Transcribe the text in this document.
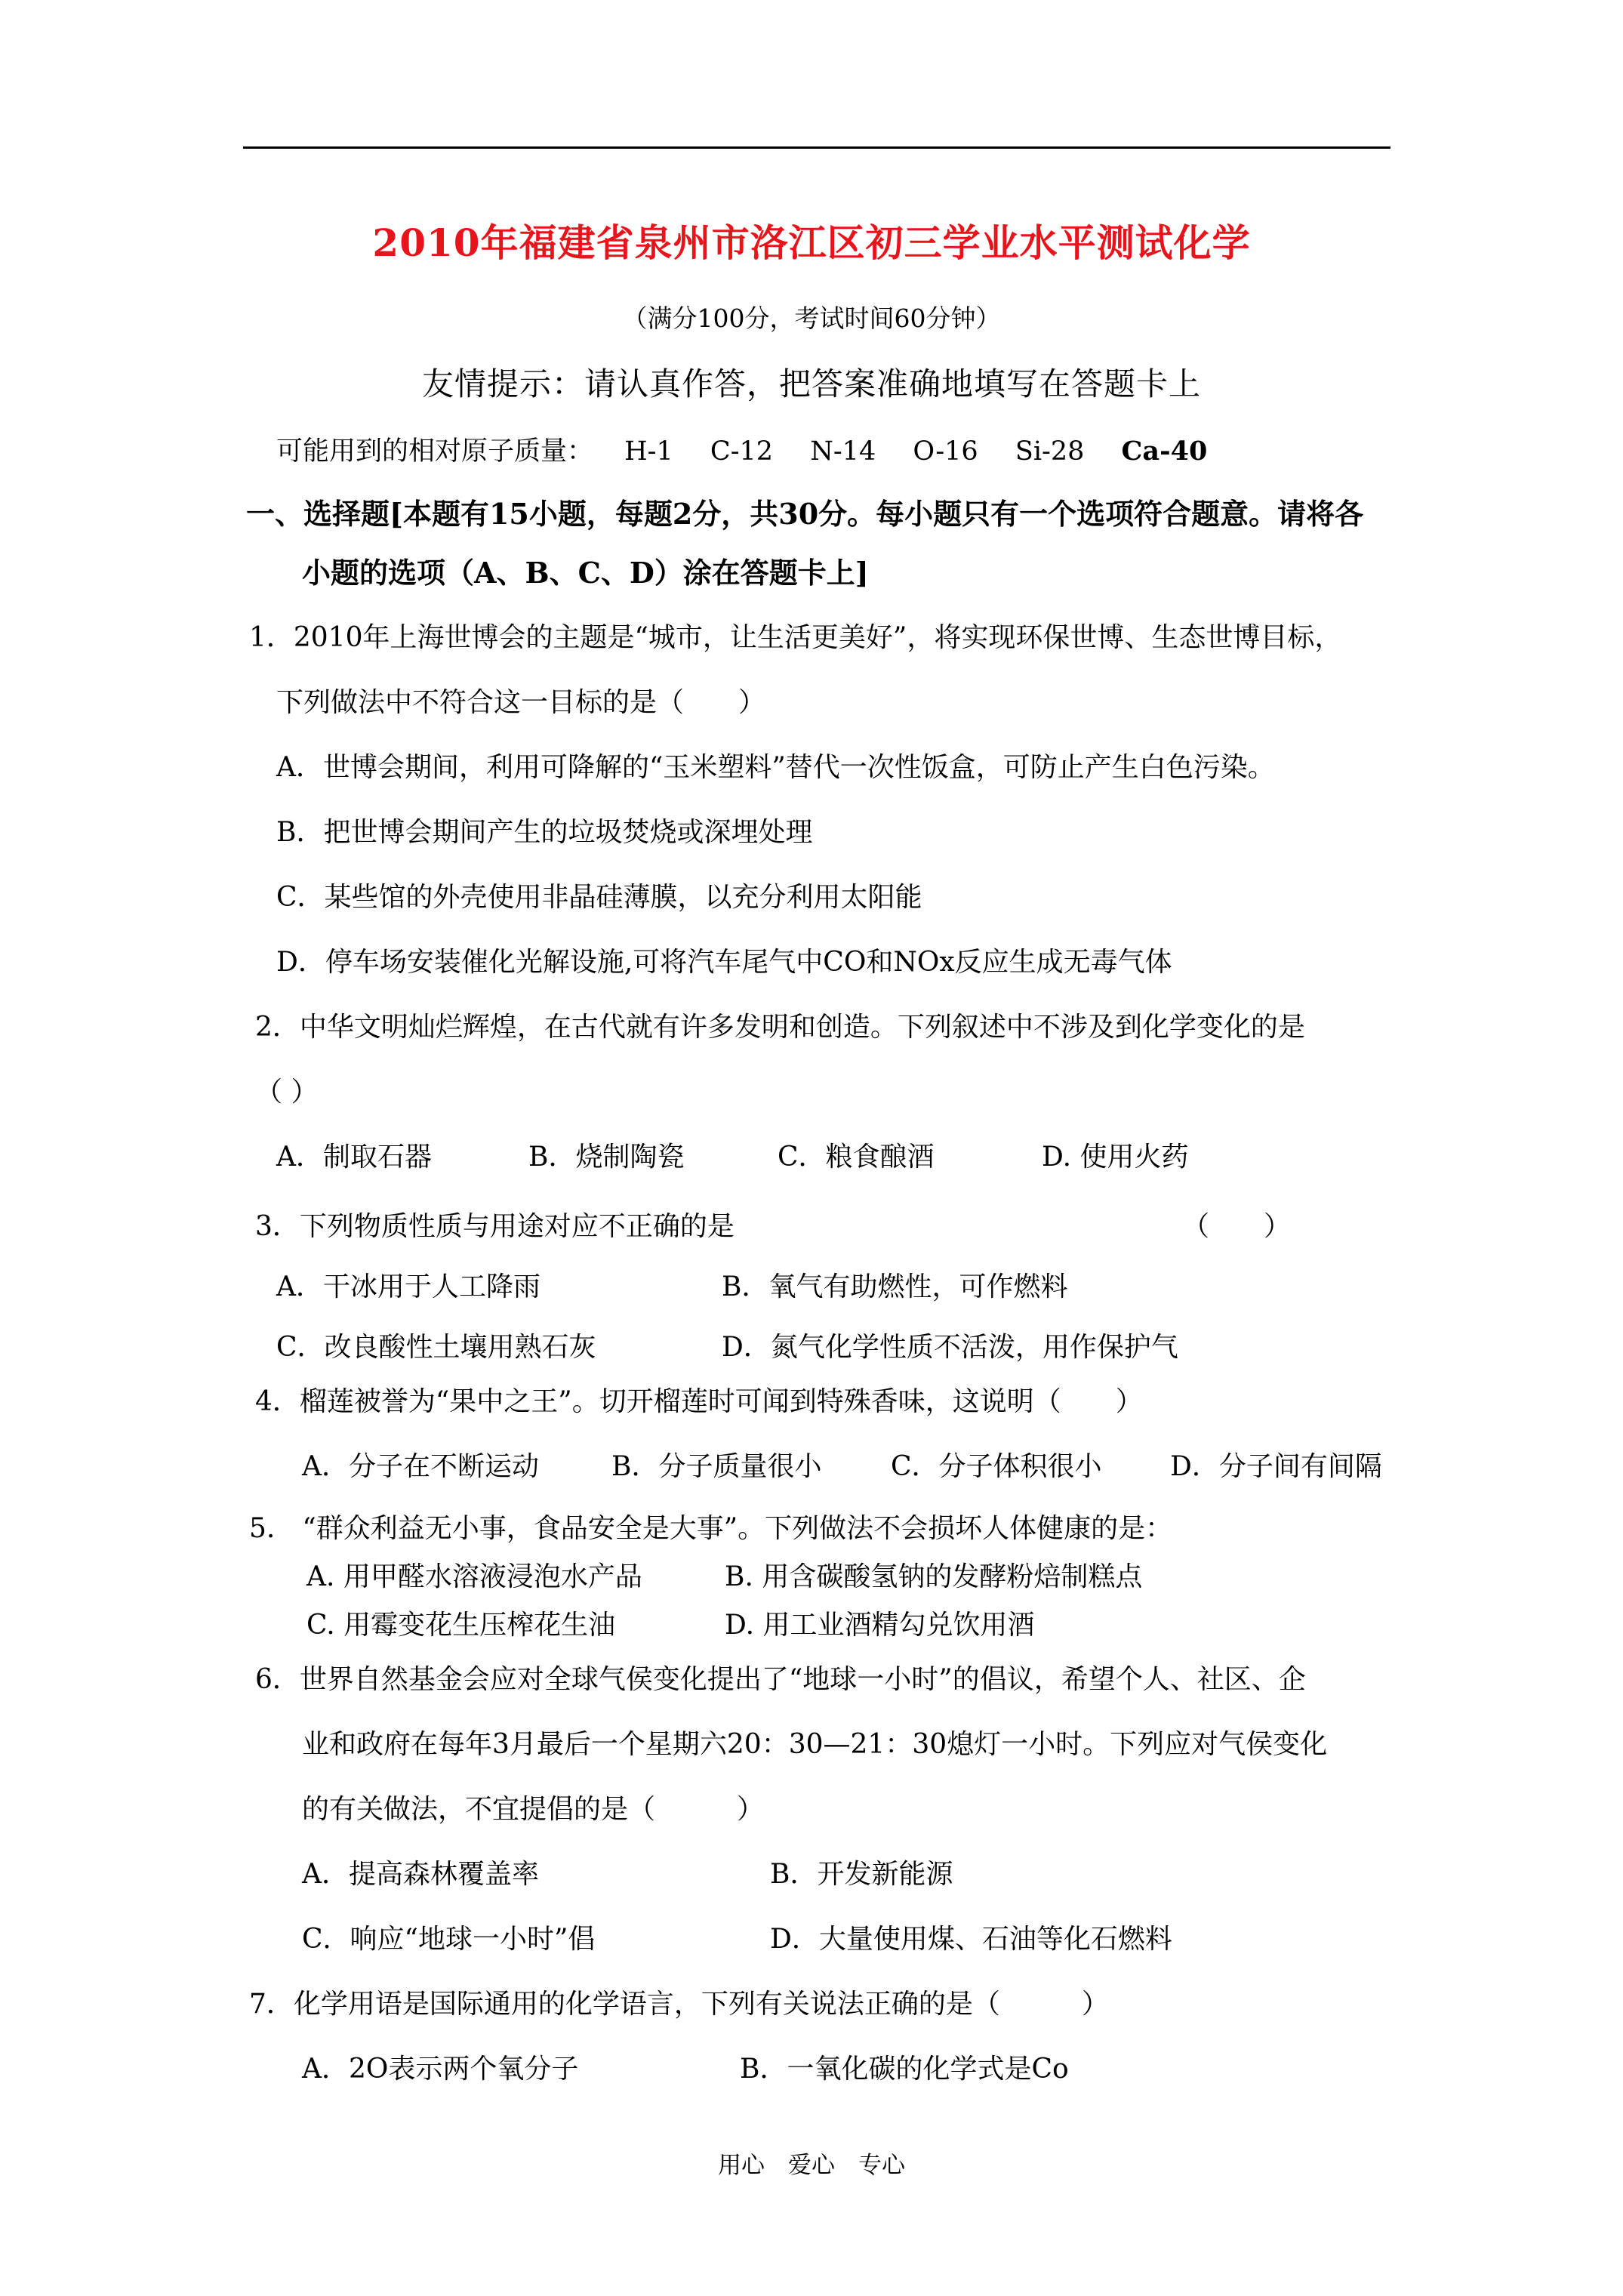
2010年福建省泉州市洛江区初三学业水平测试化学
（满分100分，考试时间60分钟）
友情提示：请认真作答，把答案准确地填写在答题卡上
可能用到的相对原子质量： H-1 C-12 N-14 O-16 Si-28 Ca-40
一、选择题[本题有15小题，每题2分，共30分。每小题只有一个选项符合题意。请将各
小题的选项（A、B、C、D）涂在答题卡上]
1．2010年上海世博会的主题是“城市，让生活更美好”，将实现环保世博、生态世博目标，
下列做法中不符合这一目标的是（　　）
A．世博会期间，利用可降解的“玉米塑料”替代一次性饭盒，可防止产生白色污染。
B．把世博会期间产生的垃圾焚烧或深埋处理
C．某些馆的外壳使用非晶硅薄膜，以充分利用太阳能
D．停车场安装催化光解设施,可将汽车尾气中CO和NOx反应生成无毒气体
2．中华文明灿烂辉煌，在古代就有许多发明和创造。下列叙述中不涉及到化学变化的是
（ ）
A．制取石器	B．烧制陶瓷	C．粮食酿酒	D. 使用火药
3．下列物质性质与用途对应不正确的是	（　　）
A．干冰用于人工降雨	B．氧气有助燃性，可作燃料
C．改良酸性土壤用熟石灰	D．氮气化学性质不活泼，用作保护气
4．榴莲被誉为“果中之王”。切开榴莲时可闻到特殊香味，这说明（　　）
A．分子在不断运动	B．分子质量很小	C．分子体积很小	D．分子间有间隔
5.　“群众利益无小事，食品安全是大事”。下列做法不会损坏人体健康的是：
A. 用甲醛水溶液浸泡水产品	B. 用含碳酸氢钠的发酵粉焙制糕点
C. 用霉变花生压榨花生油	D. 用工业酒精勾兑饮用酒
6．世界自然基金会应对全球气侯变化提出了“地球一小时”的倡议，希望个人、社区、企
业和政府在每年3月最后一个星期六20：30—21：30熄灯一小时。下列应对气侯变化
的有关做法，不宜提倡的是（　　　）
A．提高森林覆盖率	B．开发新能源
C．响应“地球一小时”倡	D．大量使用煤、石油等化石燃料
7．化学用语是国际通用的化学语言，下列有关说法正确的是（　　　）
A．2O表示两个氧分子	B．一氧化碳的化学式是Co
用心　爱心　专心
